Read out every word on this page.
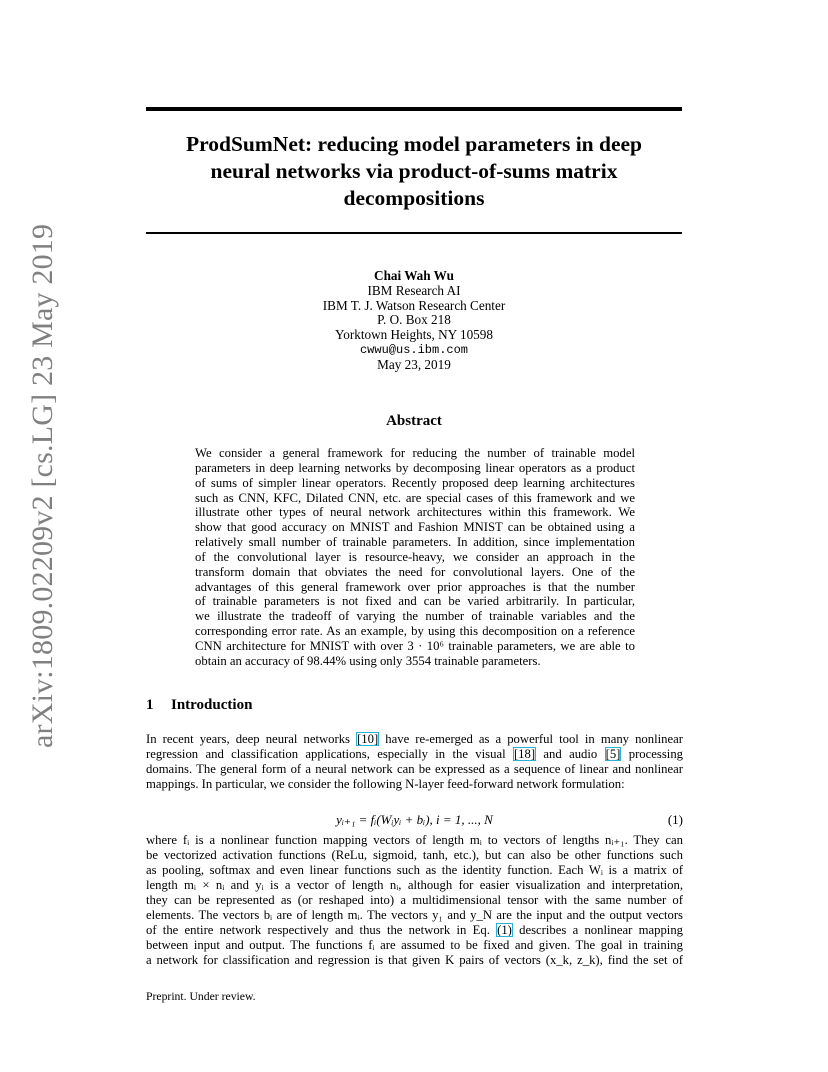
arXiv:1809.02209v2 [cs.LG] 23 May 2019
ProdSumNet: reducing model parameters in deep
neural networks via product-of-sums matrix
decompositions
Chai Wah Wu
IBM Research AI
IBM T. J. Watson Research Center
P. O. Box 218
Yorktown Heights, NY 10598
cwwu@us.ibm.com
May 23, 2019
Abstract
We consider a general framework for reducing the number of trainable model
parameters in deep learning networks by decomposing linear operators as a product
of sums of simpler linear operators. Recently proposed deep learning architectures
such as CNN, KFC, Dilated CNN, etc. are special cases of this framework and we
illustrate other types of neural network architectures within this framework. We
show that good accuracy on MNIST and Fashion MNIST can be obtained using a
relatively small number of trainable parameters. In addition, since implementation
of the convolutional layer is resource-heavy, we consider an approach in the
transform domain that obviates the need for convolutional layers. One of the
advantages of this general framework over prior approaches is that the number
of trainable parameters is not fixed and can be varied arbitrarily. In particular,
we illustrate the tradeoff of varying the number of trainable variables and the
corresponding error rate. As an example, by using this decomposition on a reference
CNN architecture for MNIST with over 3 · 10⁶ trainable parameters, we are able to
obtain an accuracy of 98.44% using only 3554 trainable parameters.
1 Introduction
In recent years, deep neural networks [10] have re-emerged as a powerful tool in many nonlinear
regression and classification applications, especially in the visual [18] and audio [5] processing
domains. The general form of a neural network can be expressed as a sequence of linear and nonlinear
mappings. In particular, we consider the following N-layer feed-forward network formulation:
yᵢ₊₁ = fᵢ(Wᵢyᵢ + bᵢ), i = 1, ..., N	(1)
where fᵢ is a nonlinear function mapping vectors of length mᵢ to vectors of lengths nᵢ₊₁. They can
be vectorized activation functions (ReLu, sigmoid, tanh, etc.), but can also be other functions such
as pooling, softmax and even linear functions such as the identity function. Each Wᵢ is a matrix of
length mᵢ × nᵢ and yᵢ is a vector of length nᵢ, although for easier visualization and interpretation,
they can be represented as (or reshaped into) a multidimensional tensor with the same number of
elements. The vectors bᵢ are of length mᵢ. The vectors y₁ and y_N are the input and the output vectors
of the entire network respectively and thus the network in Eq. (1) describes a nonlinear mapping
between input and output. The functions fᵢ are assumed to be fixed and given. The goal in training
a network for classification and regression is that given K pairs of vectors (x_k, z_k), find the set of
Preprint. Under review.
